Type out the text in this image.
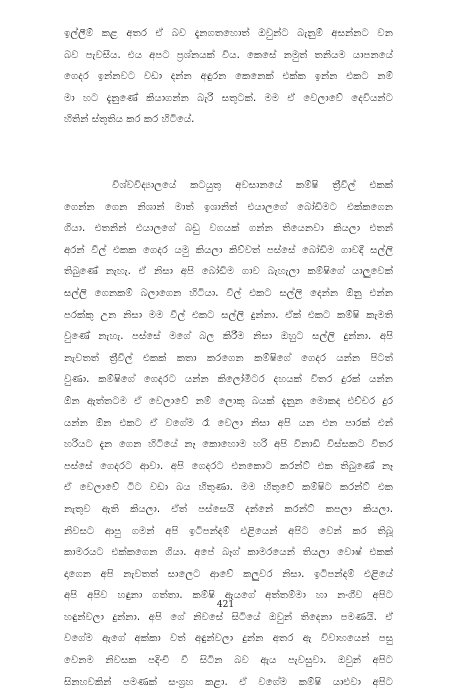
ඉල්ලීම් කළ අතර ඒ බව දැනගතහොත් ඔවුන්ට බැනුම් අසන්නට වන
බව පැවසීය. එය අපට ප්‍රශ්නයක් විය. කෙසේ නමුත් තනියම යාපනයේ
ගෙදර ඉන්නවට වඩා දන්න අඳුරන කෙනෙක් එක්ක ඉන්න එකට නම්
මා හට දැනුණේ කියාගන්න බැරි සතුටක්. මම ඒ වෙලාවේ දෙවියන්ට
හිතින් ස්තුතිය කර කර හිටියේ.
විශ්වවිද්‍යාලයේ කටයුතු අවසානයේ කම්ෂි ත්‍රීවීල් එකක්
ගෙන්න ගෙන නිශාන් මාත් ඉශානිත් එයාලගේ බෝඩිමට එක්කගෙන
ගියා. එතනින් එයාලගේ බඩු වගයක් ගන්න තියෙනවා කියලා එතන්
අරන් වීල් එකක ගෙදර යමු කියලා කිව්වත් පස්සේ බෝඩිම ගාවදී සල්ලි
තිබුණේ නැහැ. ඒ නිසා අපි බෝඩිම ගාව බැහැලා කම්ෂිගේ යාලුවෙක්
සල්ලි ගෙනකම් බලාගෙන හිටියා. වීල් එකට සල්ලි දෙන්න ඕනු එන්න
පරක්කු උන නිසා මම වීල් එකට සල්ලි දුන්නා. ඒක් එකට කම්ෂි කැමති
වුණේ නැහැ. පස්සේ මගේ බල කිරීම නිසා ඔහුට සල්ලි දුන්නා. අපි
නැවතත් ත්‍රීවීල් එකක් කතා කරගෙන කම්ෂිගේ ගෙදර යන්න පිටත්
වුණා. කම්ෂිගේ ගෙදරට යන්න කිලෝමීටර දහයක් විතර දුරක් යන්න
ඕන ඇත්තටම ඒ වෙලාවේ නම් ලොකු බයක් දැනුන මොකද එච්චර දුර
යන්න ඕන එකට ඒ වගේම රෑ වෙලා නිසා අපි යන එන පාරක් එන්
හරියට දැන ගෙන හිටියේ නෑ කොහොම හරි අපි විනාඩි විස්සකට විතර
පස්සේ ගෙදරට ආවා. අපි ගෙදරට එනකොට කරන්ට් එක තිබුණේ නෑ
ඒ වෙලාවේ ටිට වඩා බය හිතුණා. මම හිතුවේ කම්ෂිට කරන්ට් එක
නැතුව ඇති කියලා. ඒත් පස්සෙයි දන්නේ කරන්ට් කපලා කියලා.
නිවසට ආපු ගමන් අපි ඉටිපන්දම් එළියෙන් අපිට වෙන් කර තිබූ
කාමරයට එක්කගෙන ගියා. අපේ බෑග් කාමරයෙන් තියලා වොෂ් එකක්
දාගෙන අපි නැවතත් සාලෙට ආවේ කලුවර නිසා. ඉටිපන්දම් එළියේ
අපි අපිව හඳුනා ගත්තා. කම්ෂි ඇයගේ අත්තම්මා හා නංගීව අපිට
හඳුන්වලා දුන්නා. අපි ගේ නිවසේ සිටියේ ඔවුන් තිදෙනා පමණයි. ඒ
වගේම ඇගේ අක්කා වත් අඳුන්වලා දුන්න අතර ඇ විවාහයෙන් පසු
වෙනම නිවසක පදිංචි වී සිටින බව ඇය පැවසුවා. ඔවුන් අපිට
සිනහවකින් පමණක් සංග්‍රහ කළා. ඒ වගේම කම්ෂි යාළුවා අපිට
421
